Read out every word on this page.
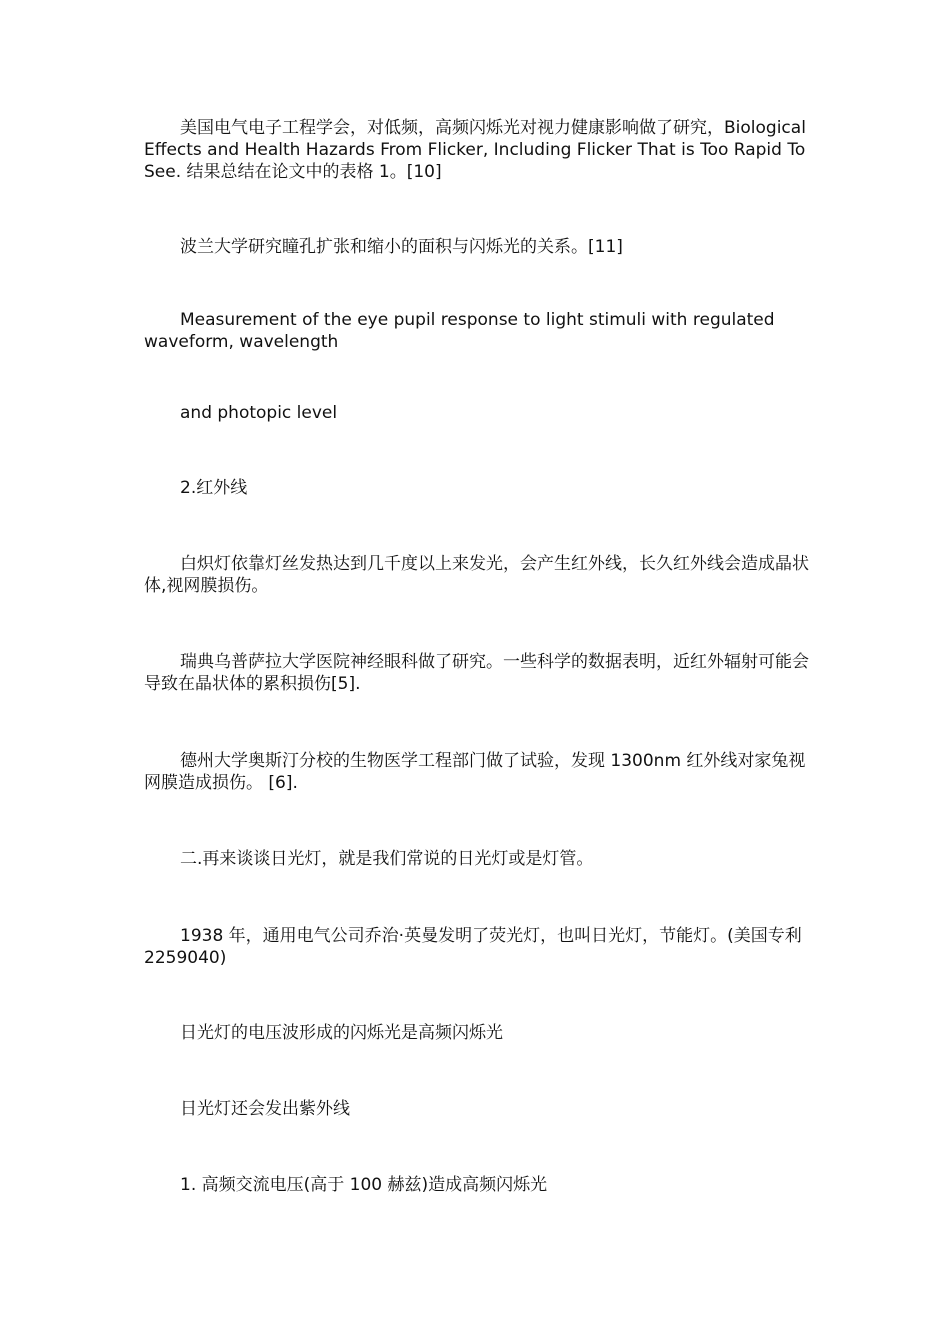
美国电气电子工程学会，对低频，高频闪烁光对视力健康影响做了研究，Biological Effects and Health Hazards From Flicker, Including Flicker That is Too Rapid To See. 结果总结在论文中的表格 1。[10]

波兰大学研究瞳孔扩张和缩小的面积与闪烁光的关系。[11]

Measurement of the eye pupil response to light stimuli with regulated waveform, wavelength

and photopic level

2.红外线

白炽灯依靠灯丝发热达到几千度以上来发光，会产生红外线，长久红外线会造成晶状体,视网膜损伤。

瑞典乌普萨拉大学医院神经眼科做了研究。一些科学的数据表明，近红外辐射可能会导致在晶状体的累积损伤[5].

德州大学奥斯汀分校的生物医学工程部门做了试验，发现 1300nm 红外线对家兔视网膜造成损伤。 [6].

二.再来谈谈日光灯，就是我们常说的日光灯或是灯管。

1938 年，通用电气公司乔治·英曼发明了荧光灯，也叫日光灯，节能灯。(美国专利 2259040)

日光灯的电压波形成的闪烁光是高频闪烁光

日光灯还会发出紫外线

1. 高频交流电压(高于 100 赫兹)造成高频闪烁光
